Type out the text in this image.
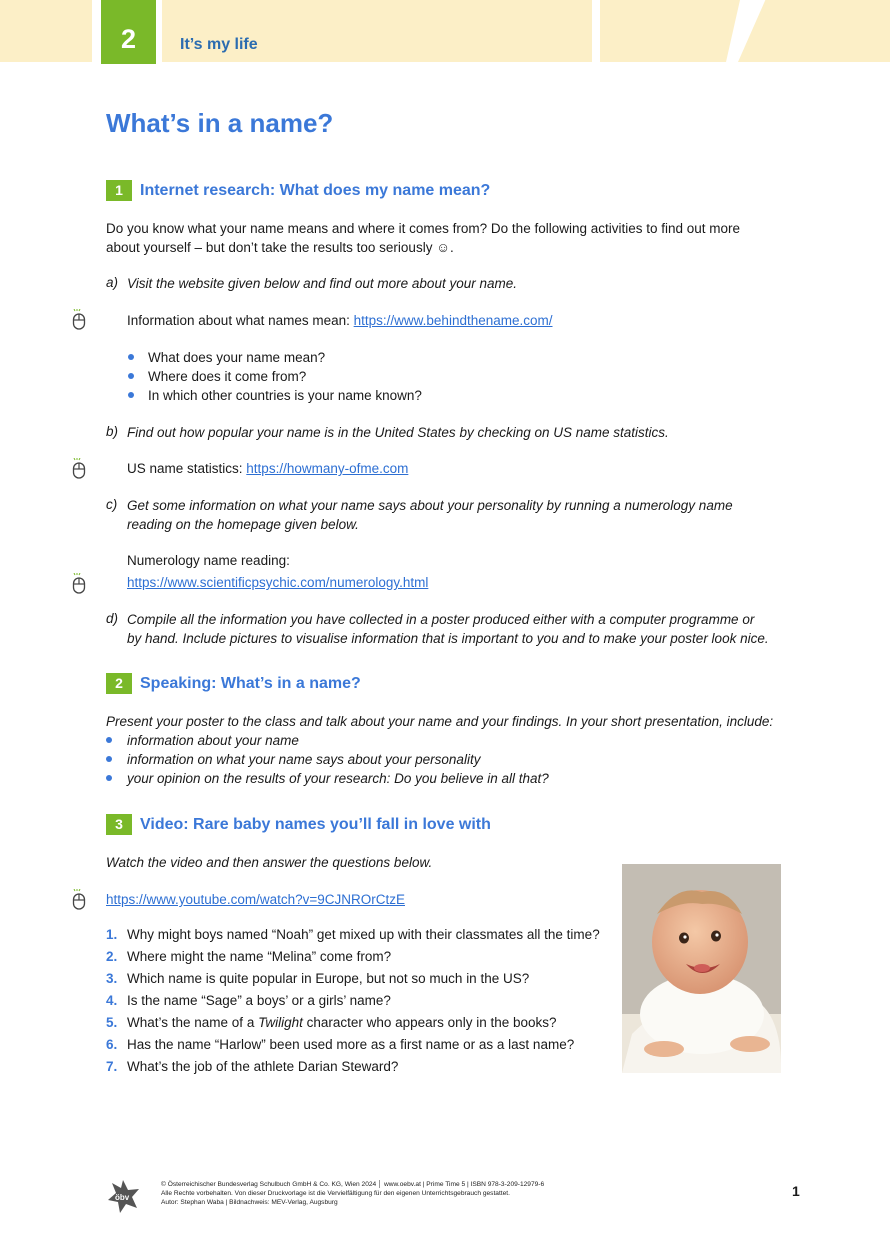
2	It’s my life
What’s in a name?
1	Internet research: What does my name mean?
Do you know what your name means and where it comes from? Do the following activities to find out more
about yourself – but don’t take the results too seriously ☺.
a) Visit the website given below and find out more about your name.
Information about what names mean: https://www.behindthename.com/
What does your name mean?
Where does it come from?
In which other countries is your name known?
b) Find out how popular your name is in the United States by checking on US name statistics.
US name statistics: https://howmany-ofme.com
c) Get some information on what your name says about your personality by running a numerology name
reading on the homepage given below.
Numerology name reading:
https://www.scientificpsychic.com/numerology.html
d) Compile all the information you have collected in a poster produced either with a computer programme or
by hand. Include pictures to visualise information that is important to you and to make your poster look nice.
2	Speaking: What’s in a name?
Present your poster to the class and talk about your name and your findings. In your short presentation, include:
information about your name
information on what your name says about your personality
your opinion on the results of your research: Do you believe in all that?
3	Video: Rare baby names you’ll fall in love with
Watch the video and then answer the questions below.
https://www.youtube.com/watch?v=9CJNROrCtzE
1. Why might boys named “Noah” get mixed up with their classmates all the time?
2. Where might the name “Melina” come from?
3. Which name is quite popular in Europe, but not so much in the US?
4. Is the name “Sage” a boys’ or a girls’ name?
5. What’s the name of a Twilight character who appears only in the books?
6. Has the name “Harlow” been used more as a first name or as a last name?
7. What’s the job of the athlete Darian Steward?
öbv
© Österreichischer Bundesverlag Schulbuch GmbH & Co. KG, Wien 2024 │ www.oebv.at | Prime Time 5 | ISBN 978-3-209-12979-6
Alle Rechte vorbehalten. Von dieser Druckvorlage ist die Vervielfältigung für den eigenen Unterrichtsgebrauch gestattet.
Autor: Stephan Waba | Bildnachweis: MEV-Verlag, Augsburg
1
